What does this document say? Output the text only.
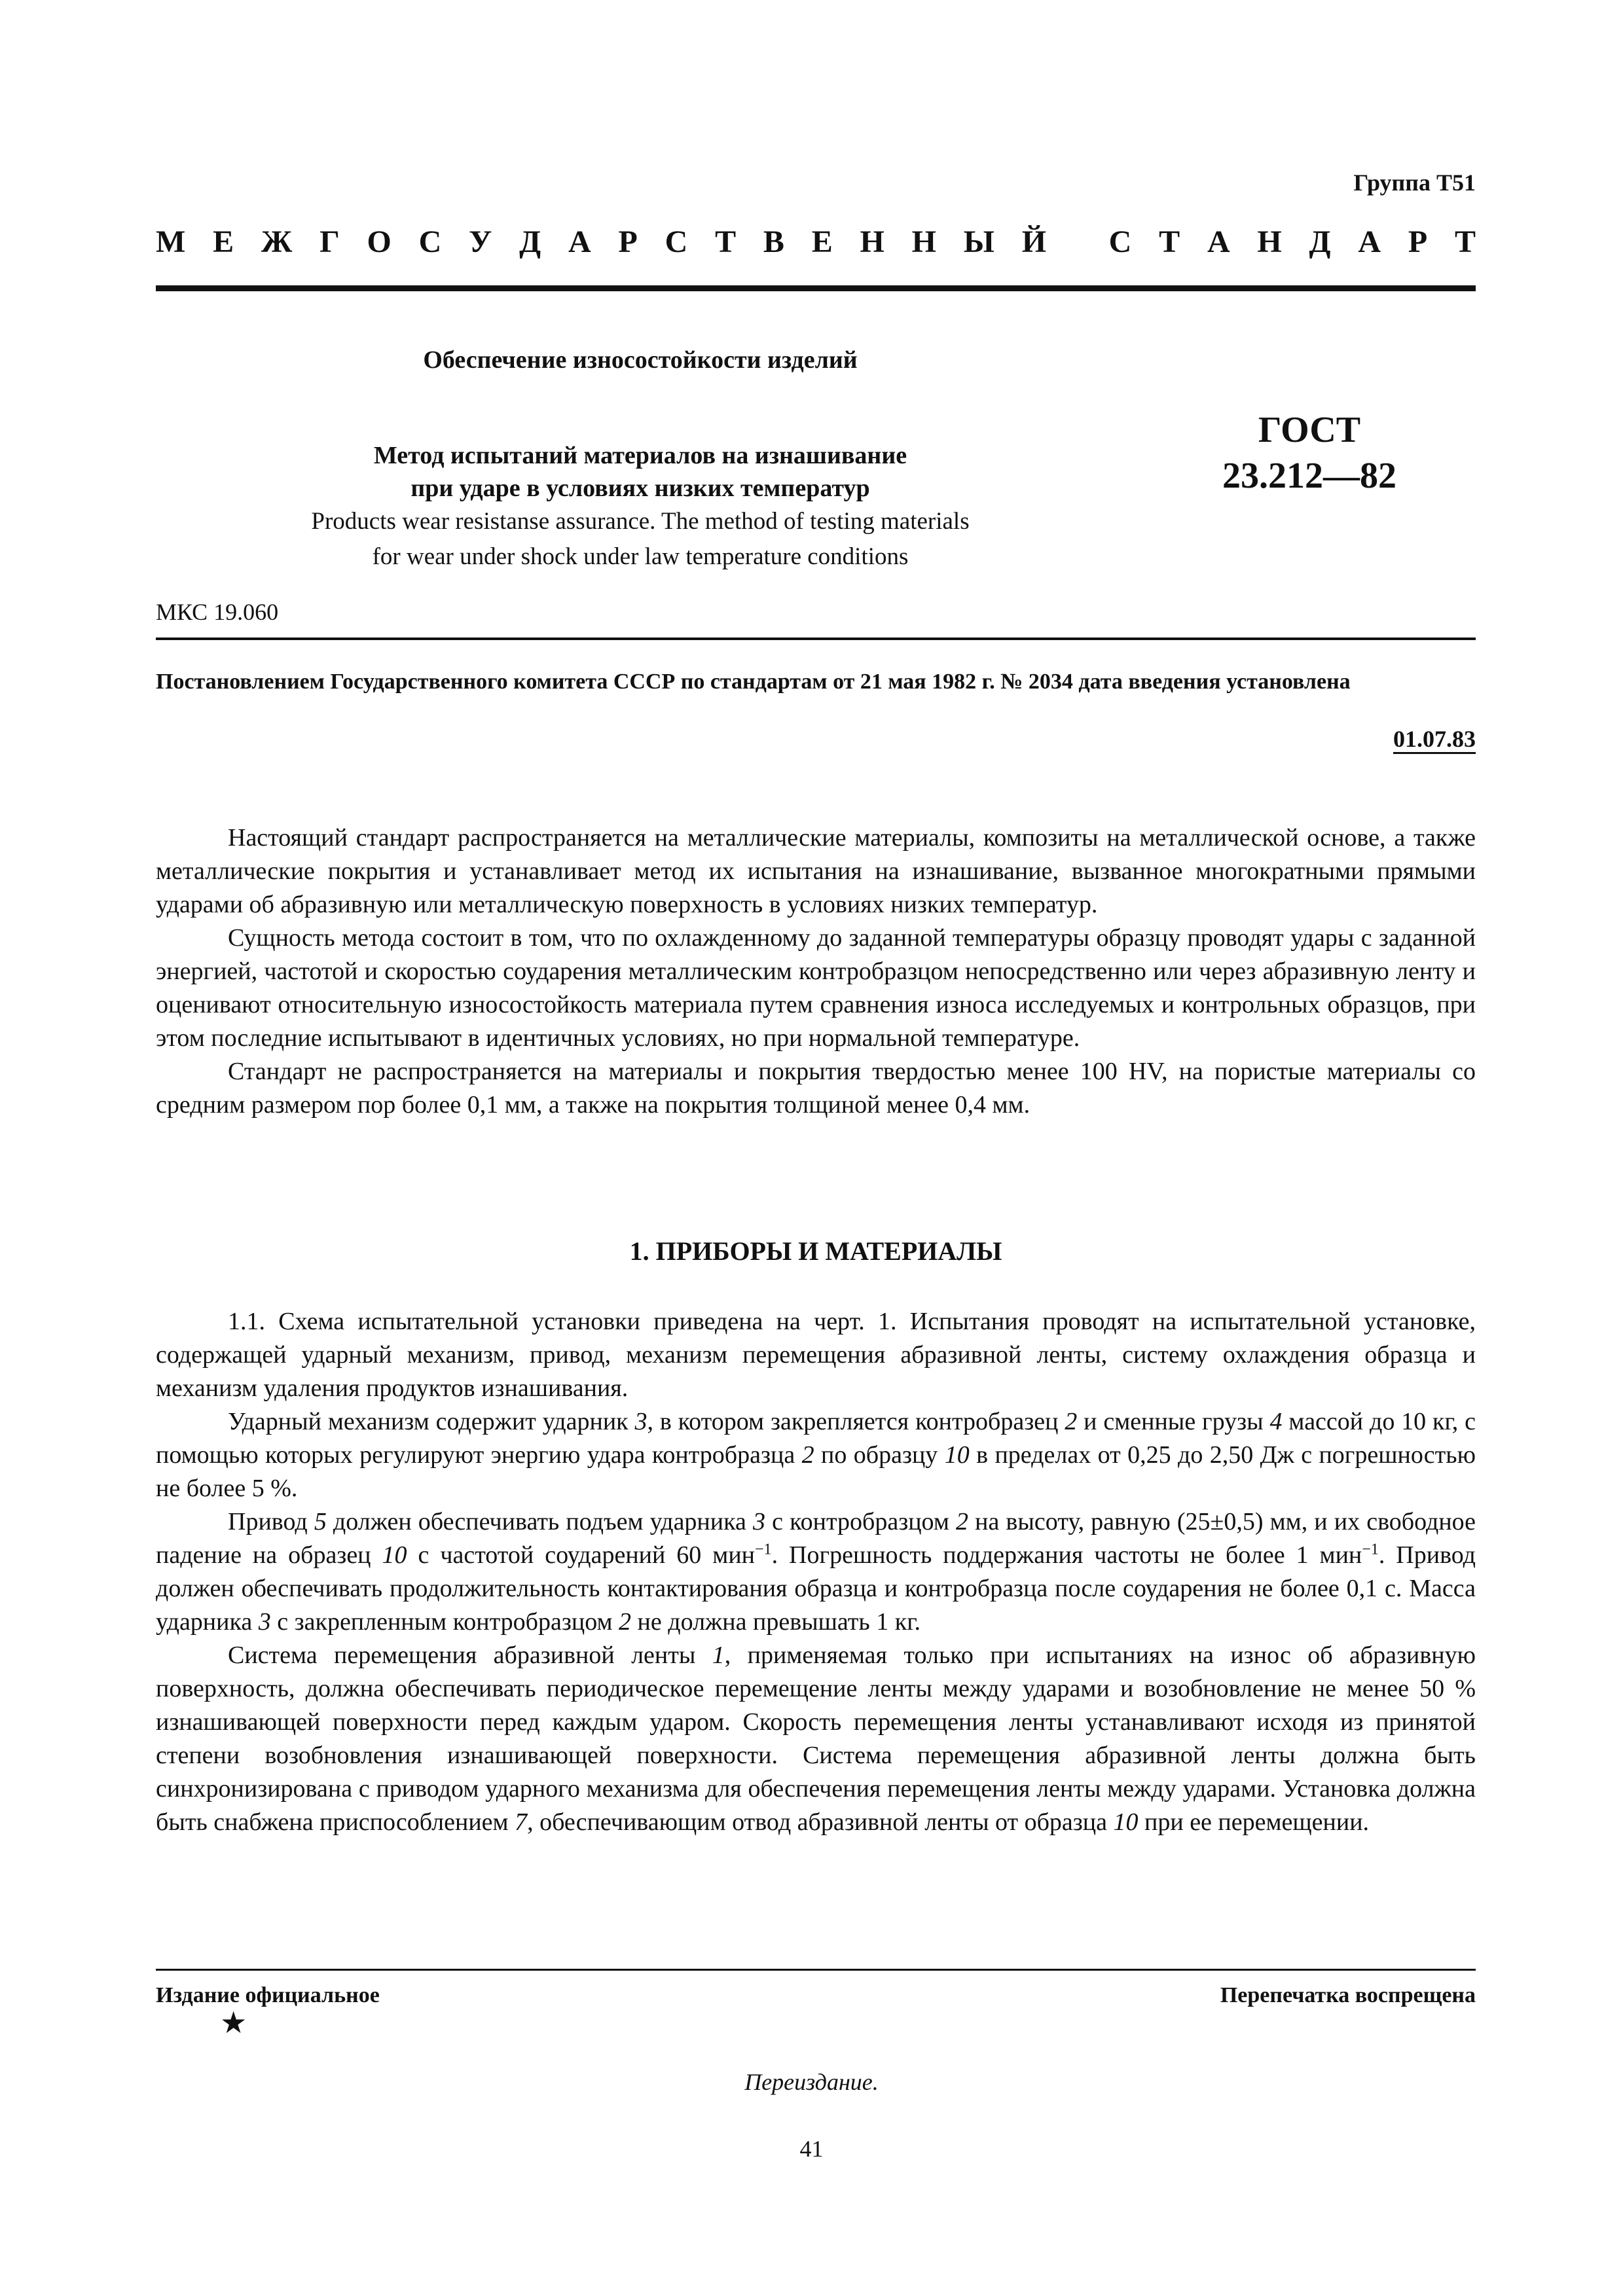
Группа Т51
М Е Ж Г О С У Д А Р С Т В Е Н Н Ы Й
С Т А Н Д А Р Т
Обеспечение износостойкости изделий
Метод испытаний материалов на изнашивание
при ударе в условиях низких температур
Products wear resistanse assurance. The method of testing materials
for wear under shock under law temperature conditions
ГОСТ
23.212—82
МКС 19.060
Постановлением Государственного комитета СССР по стандартам от 21 мая 1982 г. № 2034 дата введения установлена
01.07.83

Настоящий стандарт распространяется на металлические материалы, композиты на металлической основе, а также металлические покрытия и устанавливает метод их испытания на изнашивание, вызванное многократными прямыми ударами об абразивную или металлическую поверхность в условиях низких температур.

Сущность метода состоит в том, что по охлажденному до заданной температуры образцу проводят удары с заданной энергией, частотой и скоростью соударения металлическим контробразцом непосредственно или через абразивную ленту и оценивают относительную износостойкость материала путем сравнения износа исследуемых и контрольных образцов, при этом последние испытывают в идентичных условиях, но при нормальной температуре.

Стандарт не распространяется на материалы и покрытия твердостью менее 100 HV, на пористые материалы со средним размером пор более 0,1 мм, а также на покрытия толщиной менее 0,4 мм.

1. ПРИБОРЫ И МАТЕРИАЛЫ

1.1. Схема испытательной установки приведена на черт. 1. Испытания проводят на испытательной установке, содержащей ударный механизм, привод, механизм перемещения абразивной ленты, систему охлаждения образца и механизм удаления продуктов изнашивания.

Ударный механизм содержит ударник 3, в котором закрепляется контробразец 2 и сменные грузы 4 массой до 10 кг, с помощью которых регулируют энергию удара контробразца 2 по образцу 10 в пределах от 0,25 до 2,50 Дж с погрешностью не более 5 %.

Привод 5 должен обеспечивать подъем ударника 3 с контробразцом 2 на высоту, равную (25±0,5) мм, и их свободное падение на образец 10 с частотой соударений 60 мин$^{-1}$. Погрешность поддержания частоты не более 1 мин$^{-1}$. Привод должен обеспечивать продолжительность контактирования образца и контробразца после соударения не более 0,1 с. Масса ударника 3 с закрепленным контробразцом 2 не должна превышать 1 кг.

Система перемещения абразивной ленты 1, применяемая только при испытаниях на износ об абразивную поверхность, должна обеспечивать периодическое перемещение ленты между ударами и возобновление не менее 50 % изнашивающей поверхности перед каждым ударом. Скорость перемещения ленты устанавливают исходя из принятой степени возобновления изнашивающей поверхности. Система перемещения абразивной ленты должна быть синхронизирована с приводом ударного механизма для обеспечения перемещения ленты между ударами. Установка должна быть снабжена приспособлением 7, обеспечивающим отвод абразивной ленты от образца 10 при ее перемещении.

Издание официальное	Перепечатка воспрещена
★
Переиздание.
41
